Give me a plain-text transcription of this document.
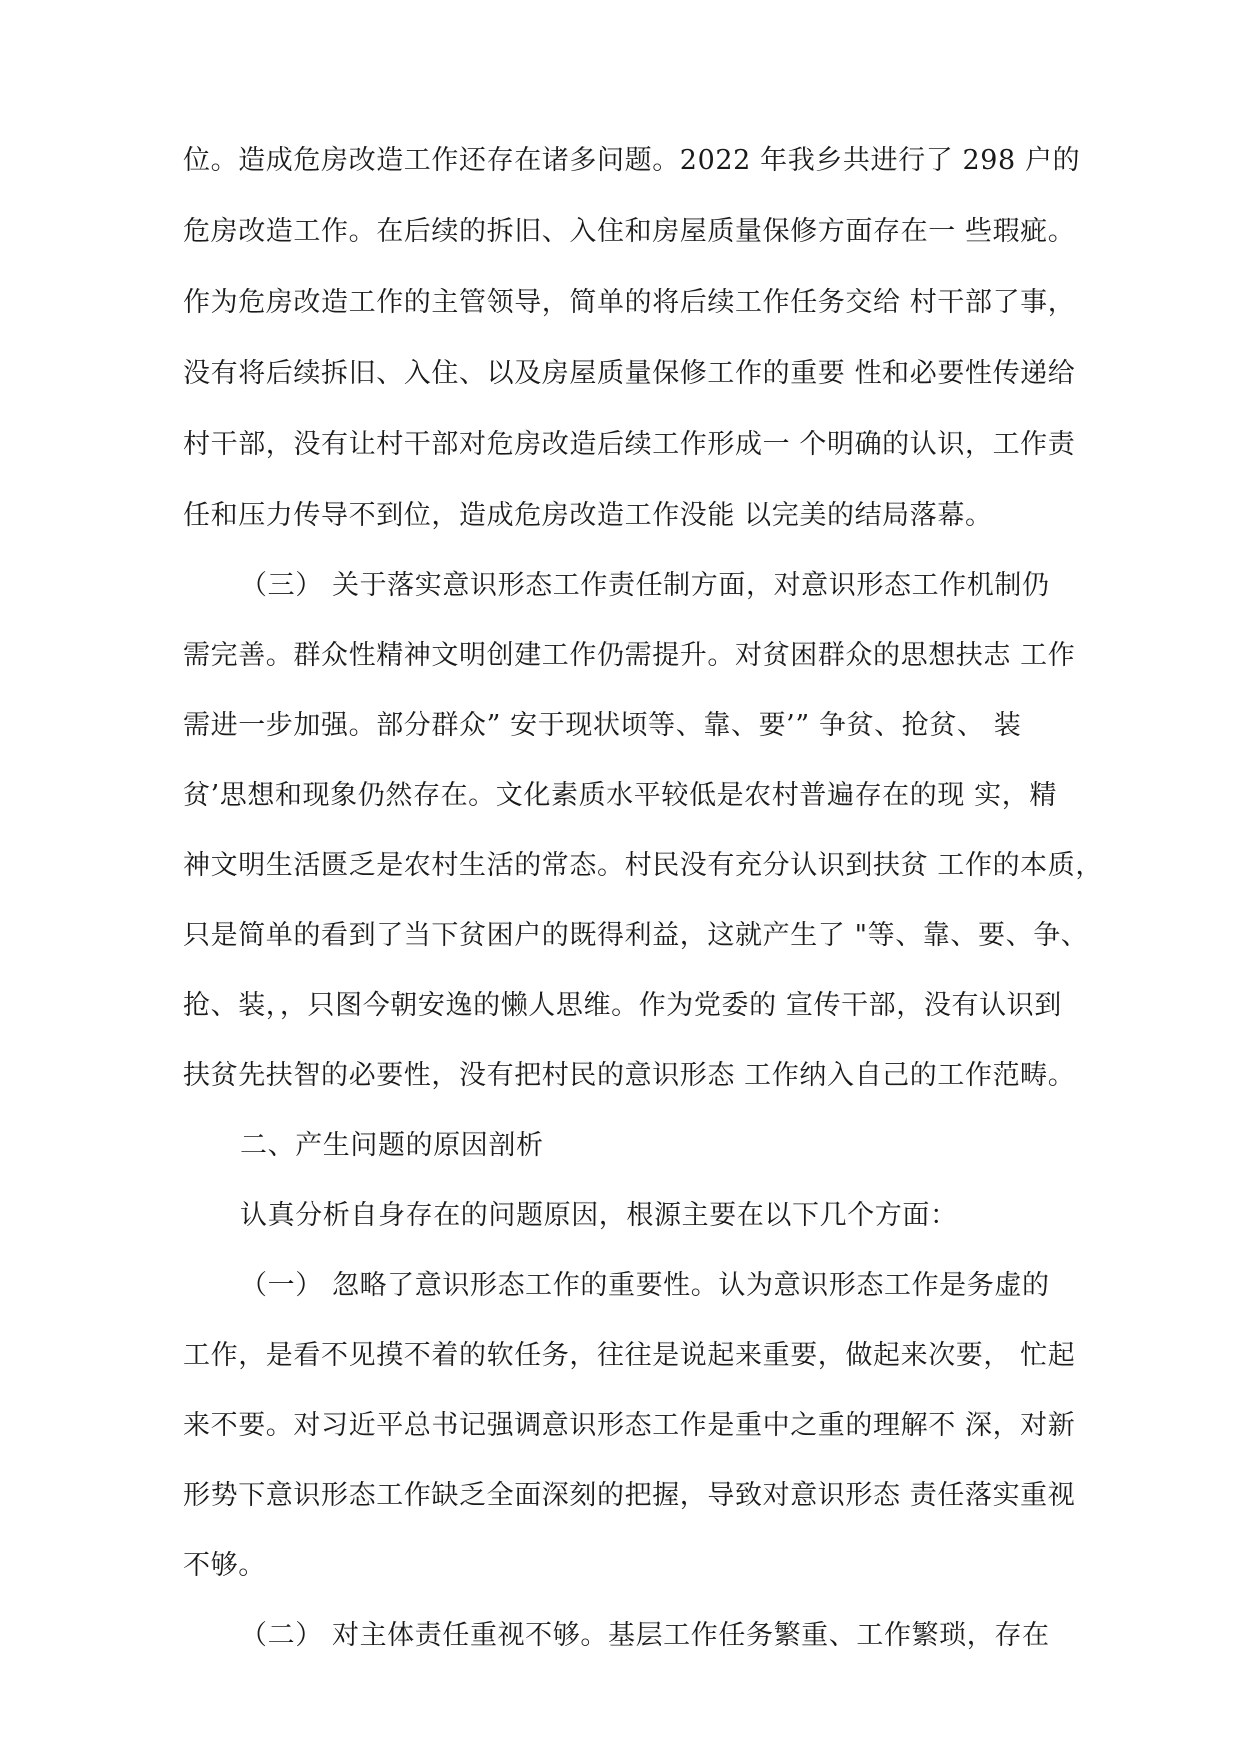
位。造成危房改造工作还存在诸多问题。2022 年我乡共进行了 298 户的
危房改造工作。在后续的拆旧、入住和房屋质量保修方面存在一 些瑕疵。
作为危房改造工作的主管领导，简单的将后续工作任务交给 村干部了事，
没有将后续拆旧、入住、以及房屋质量保修工作的重要 性和必要性传递给
村干部，没有让村干部对危房改造后续工作形成一 个明确的认识，工作责
任和压力传导不到位，造成危房改造工作没能 以完美的结局落幕。
（三） 关于落实意识形态工作责任制方面，对意识形态工作机制仍
需完善。群众性精神文明创建工作仍需提升。对贫困群众的思想扶志 工作
需进一步加强。部分群众” 安于现状顷等、靠、要’” 争贫、抢贫、 装
贫’思想和现象仍然存在。文化素质水平较低是农村普遍存在的现 实，精
神文明生活匮乏是农村生活的常态。村民没有充分认识到扶贫 工作的本质，
只是简单的看到了当下贫困户的既得利益，这就产生了 "等、靠、要、争、
抢、装，，只图今朝安逸的懒人思维。作为党委的 宣传干部，没有认识到
扶贫先扶智的必要性，没有把村民的意识形态 工作纳入自己的工作范畴。
二、产生问题的原因剖析
认真分析自身存在的问题原因，根源主要在以下几个方面：
（一） 忽略了意识形态工作的重要性。认为意识形态工作是务虚的
工作，是看不见摸不着的软任务，往往是说起来重要，做起来次要， 忙起
来不要。对习近平总书记强调意识形态工作是重中之重的理解不 深，对新
形势下意识形态工作缺乏全面深刻的把握，导致对意识形态 责任落实重视
不够。
（二） 对主体责任重视不够。基层工作任务繁重、工作繁琐，存在
